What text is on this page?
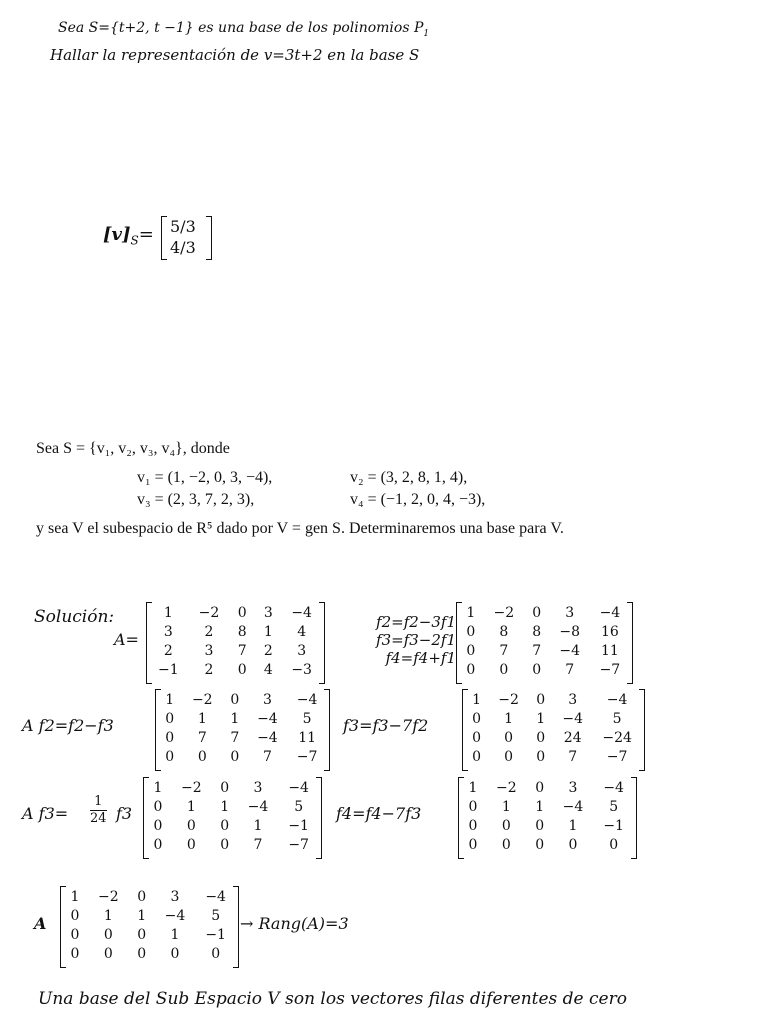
Sea S={t+2, t −1} es una base de los polinomios $P_1$
Hallar la representación de v=3t+2 en la base S
$[v]_S= 5/3$
4/3
Sea S = {v₁, v₂, v₃, v₄}, donde
v₁ = (1, −2, 0, 3, −4),	v₂ = (3, 2, 8, 1, 4),
v₃ = (2, 3, 7, 2, 3),	v₄ = (−1, 2, 0, 4, −3),
y sea V el subespacio de R⁵ dado por V = gen S. Determinaremos una base para V.
Solución:
A=
1	−2	0	3	−4
3	2	8	1	4
2	3	7	2	3
−1	2	0	4	−3
f2=f2−3f1
f3=f3−2f1
f4=f4+f1
1	−2	0	3	−4
0	8	8	−8	16
0	7	7	−4	11
0	0	0	7	−7
A f2=f2−f3
1	−2	0	3	−4
0	1	1	−4	5
0	7	7	−4	11
0	0	0	7	−7
f3=f3−7f2
1	−2	0	3	−4
0	1	1	−4	5
0	0	0	24	−24
0	0	0	7	−7
A f3=
1
24 f3
1	−2	0	3	−4
0	1	1	−4	5
0	0	0	1	−1
0	0	0	7	−7
f4=f4−7f3
1	−2	0	3	−4
0	1	1	−4	5
0	0	0	1	−1
0	0	0	0	0
A
1	−2	0	3	−4
0	1	1	−4	5
0	0	0	1	−1
0	0	0	0	0
→ Rang(A)=3
Una base del Sub Espacio V son los vectores filas diferentes de cero
